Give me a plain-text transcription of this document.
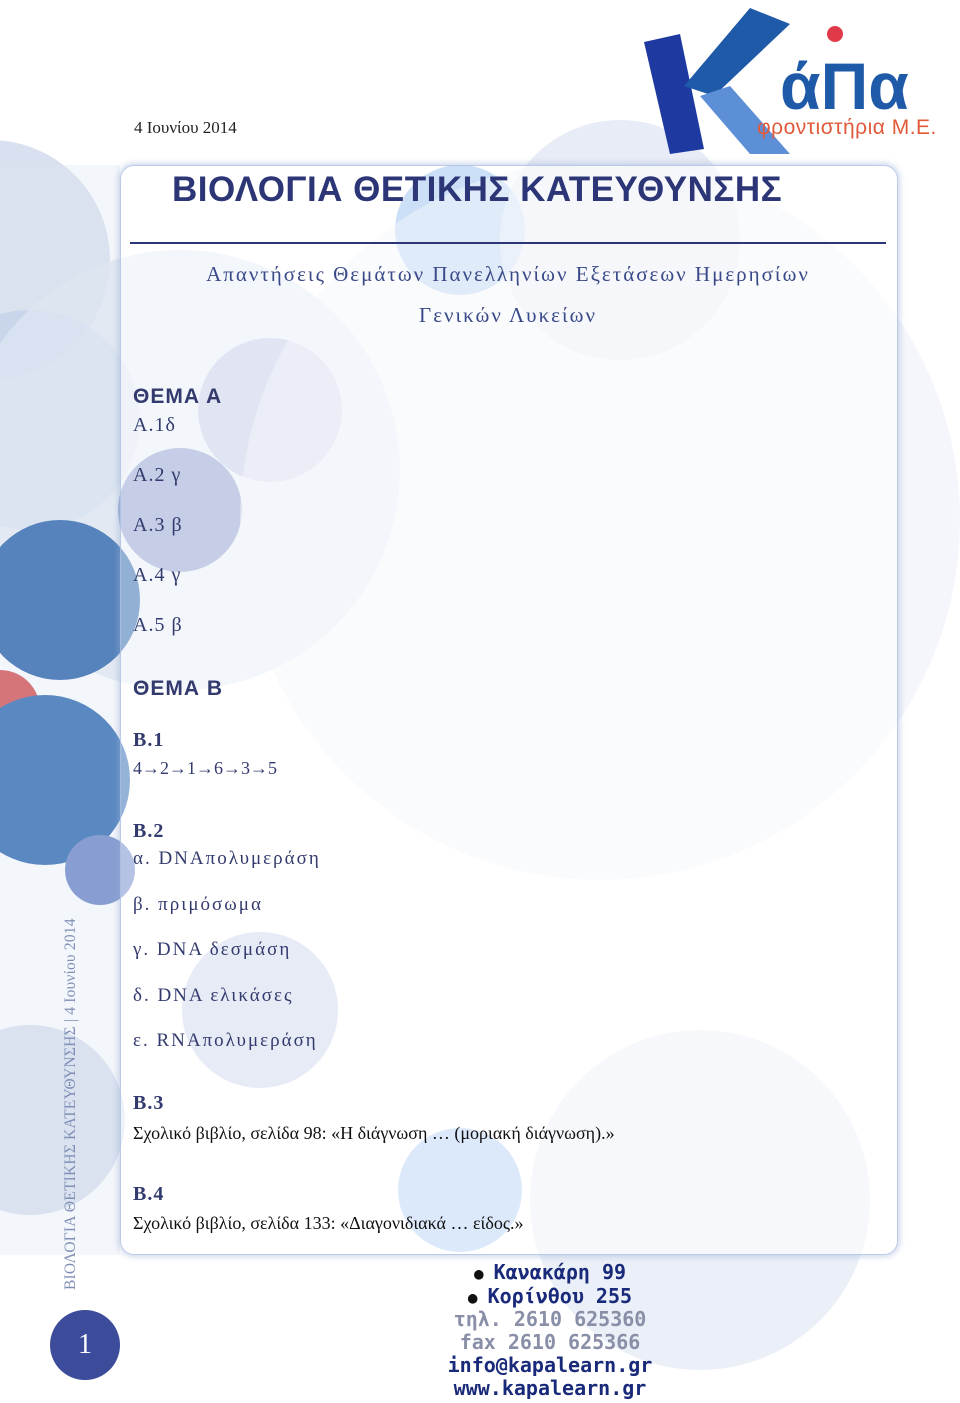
4 Ιουνίου 2014
άΠα
φροντιστήρια Μ.Ε.
ΒΙΟΛΟΓΙΑ ΘΕΤΙΚΗΣ ΚΑΤΕΥΘΥΝΣΗΣ
Απαντήσεις Θεμάτων Πανελληνίων Εξετάσεων Ημερησίων
Γενικών Λυκείων
ΘΕΜΑ Α
Α.1δ
Α.2 γ
Α.3 β
Α.4 γ
Α.5 β
ΘΕΜΑ Β
Β.1
4→2→1→6→3→5
Β.2
α. DNAπολυμεράση
β. πριμόσωμα
γ. DNA δεσμάση
δ. DNA ελικάσες
ε. RNAπολυμεράση
Β.3
Σχολικό βιβλίο, σελίδα 98: «Η διάγνωση … (μοριακή διάγνωση).»
Β.4
Σχολικό βιβλίο, σελίδα 133: «Διαγονιδιακά … είδος.»
ΒΙΟΛΟΓΙΑ ΘΕΤΙΚΗΣ ΚΑΤΕΥΘΥΝΣΗΣ | 4 Ιουνίου 2014
1
● Κανακάρη 99
● Κορίνθου 255
τηλ. 2610 625360
fax 2610 625366
info@kapalearn.gr
www.kapalearn.gr
